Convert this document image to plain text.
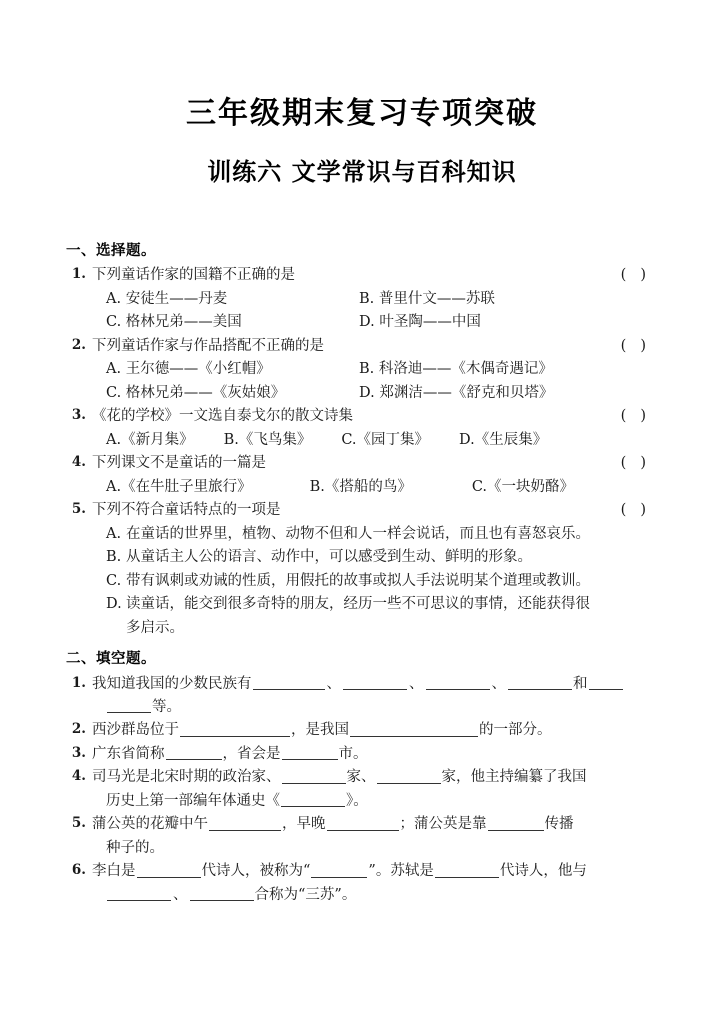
三年级期末复习专项突破
训练六 文学常识与百科知识
一、选择题。
1. 下列童话作家的国籍不正确的是	()
A. 安徒生——丹麦	B. 普里什文——苏联
C. 格林兄弟——美国	D. 叶圣陶——中国
2. 下列童话作家与作品搭配不正确的是	()
A. 王尔德——《小红帽》	B. 科洛迪——《木偶奇遇记》
C. 格林兄弟——《灰姑娘》	D. 郑渊洁——《舒克和贝塔》
3. 《花的学校》一文选自泰戈尔的散文诗集	()
A.《新月集》 B.《飞鸟集》 C.《园丁集》 D.《生辰集》
4. 下列课文不是童话的一篇是	()
A.《在牛肚子里旅行》	B.《搭船的鸟》	C.《一块奶酪》
5. 下列不符合童话特点的一项是	()
A. 在童话的世界里，植物、动物不但和人一样会说话，而且也有喜怒哀乐。
B. 从童话主人公的语言、动作中，可以感受到生动、鲜明的形象。
C. 带有讽刺或劝诫的性质，用假托的故事或拟人手法说明某个道理或教训。
D. 读童话，能交到很多奇特的朋友，经历一些不可思议的事情，还能获得很
多启示。
二、填空题。
1. 我知道我国的少数民族有	、	、	、	和
等。
2. 西沙群岛位于	，是我国	的一部分。
3. 广东省简称	，省会是	市。
4. 司马光是北宋时期的政治家、	家、	家，他主持编纂了我国
历史上第一部编年体通史《	》。
5. 蒲公英的花瓣中午	，早晚	；蒲公英是靠	传播
种子的。
6. 李白是	代诗人，被称为“	”。苏轼是	代诗人，他与
、	合称为“三苏”。
